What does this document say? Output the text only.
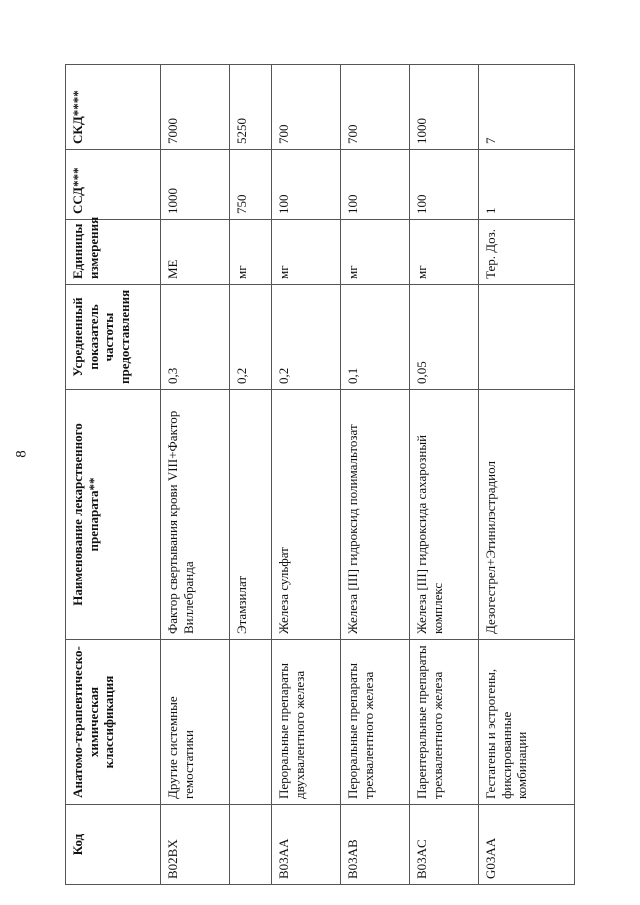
8
Код	Анатомо-терапевтическо-химическая классификация	Наименование лекарственного препарата**	Усредненный показатель частоты предоставления	Единицы измерения	ССД***	СКД****
B02BX	Другие системные гемостатики	Фактор свертывания крови VIII+Фактор Виллебранда	0,3	МЕ	1000	7000
		Этамзилат	0,2	мг	750	5250
B03AA	Пероральные препараты двухвалентного железа	Железа сульфат	0,2	мг	100	700
B03AB	Пероральные препараты трехвалентного железа	Железа [III] гидроксид полимальтозат	0,1	мг	100	700
B03AC	Парентеральные препараты трехвалентного железа	Железа [III] гидроксида сахарозный комплекс	0,05	мг	100	1000
G03AA	Гестагены и эстрогены, фиксированные комбинации	Дезогестрел+Этинилэстрадиол		Тер. Доз.	1	7
